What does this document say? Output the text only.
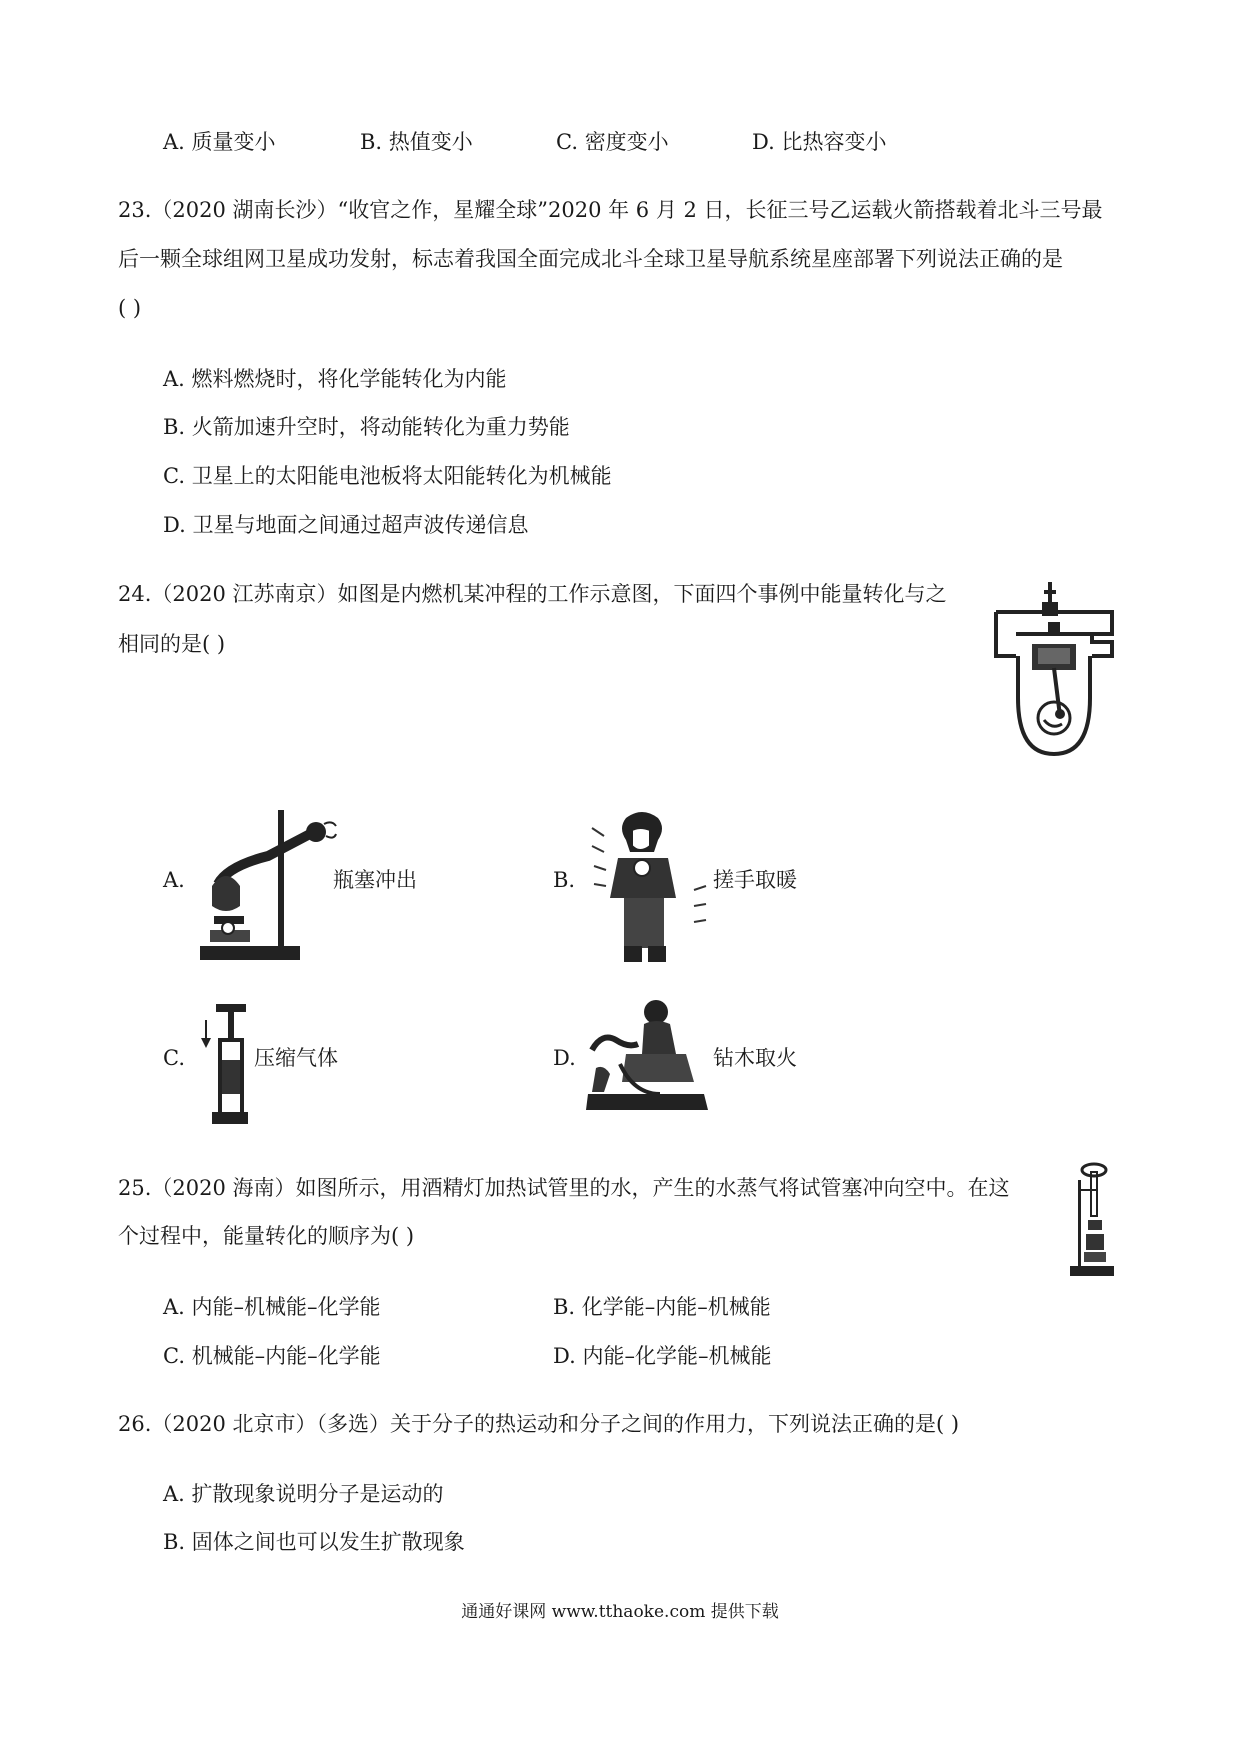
A. 质量变小	B. 热值变小	C. 密度变小	D. 比热容变小
23.（2020 湖南长沙）“收官之作，星耀全球”2020 年 6 月 2 日，长征三号乙运载火箭搭载着北斗三号最
后一颗全球组网卫星成功发射，标志着我国全面完成北斗全球卫星导航系统星座部署下列说法正确的是
( )
A. 燃料燃烧时，将化学能转化为内能
B. 火箭加速升空时，将动能转化为重力势能
C. 卫星上的太阳能电池板将太阳能转化为机械能
D. 卫星与地面之间通过超声波传递信息
24.（2020 江苏南京）如图是内燃机某冲程的工作示意图，下面四个事例中能量转化与之
相同的是( )
A.	瓶塞冲出	B.	搓手取暖
C.	压缩气体	D.	钻木取火
25.（2020 海南）如图所示，用酒精灯加热试管里的水，产生的水蒸气将试管塞冲向空中。在这
个过程中，能量转化的顺序为( )
A. 内能–机械能–化学能	B. 化学能–内能–机械能
C. 机械能–内能–化学能	D. 内能–化学能–机械能
26.（2020 北京市）（多选）关于分子的热运动和分子之间的作用力，下列说法正确的是( )
A. 扩散现象说明分子是运动的
B. 固体之间也可以发生扩散现象
通通好课网 www.tthaoke.com 提供下载
